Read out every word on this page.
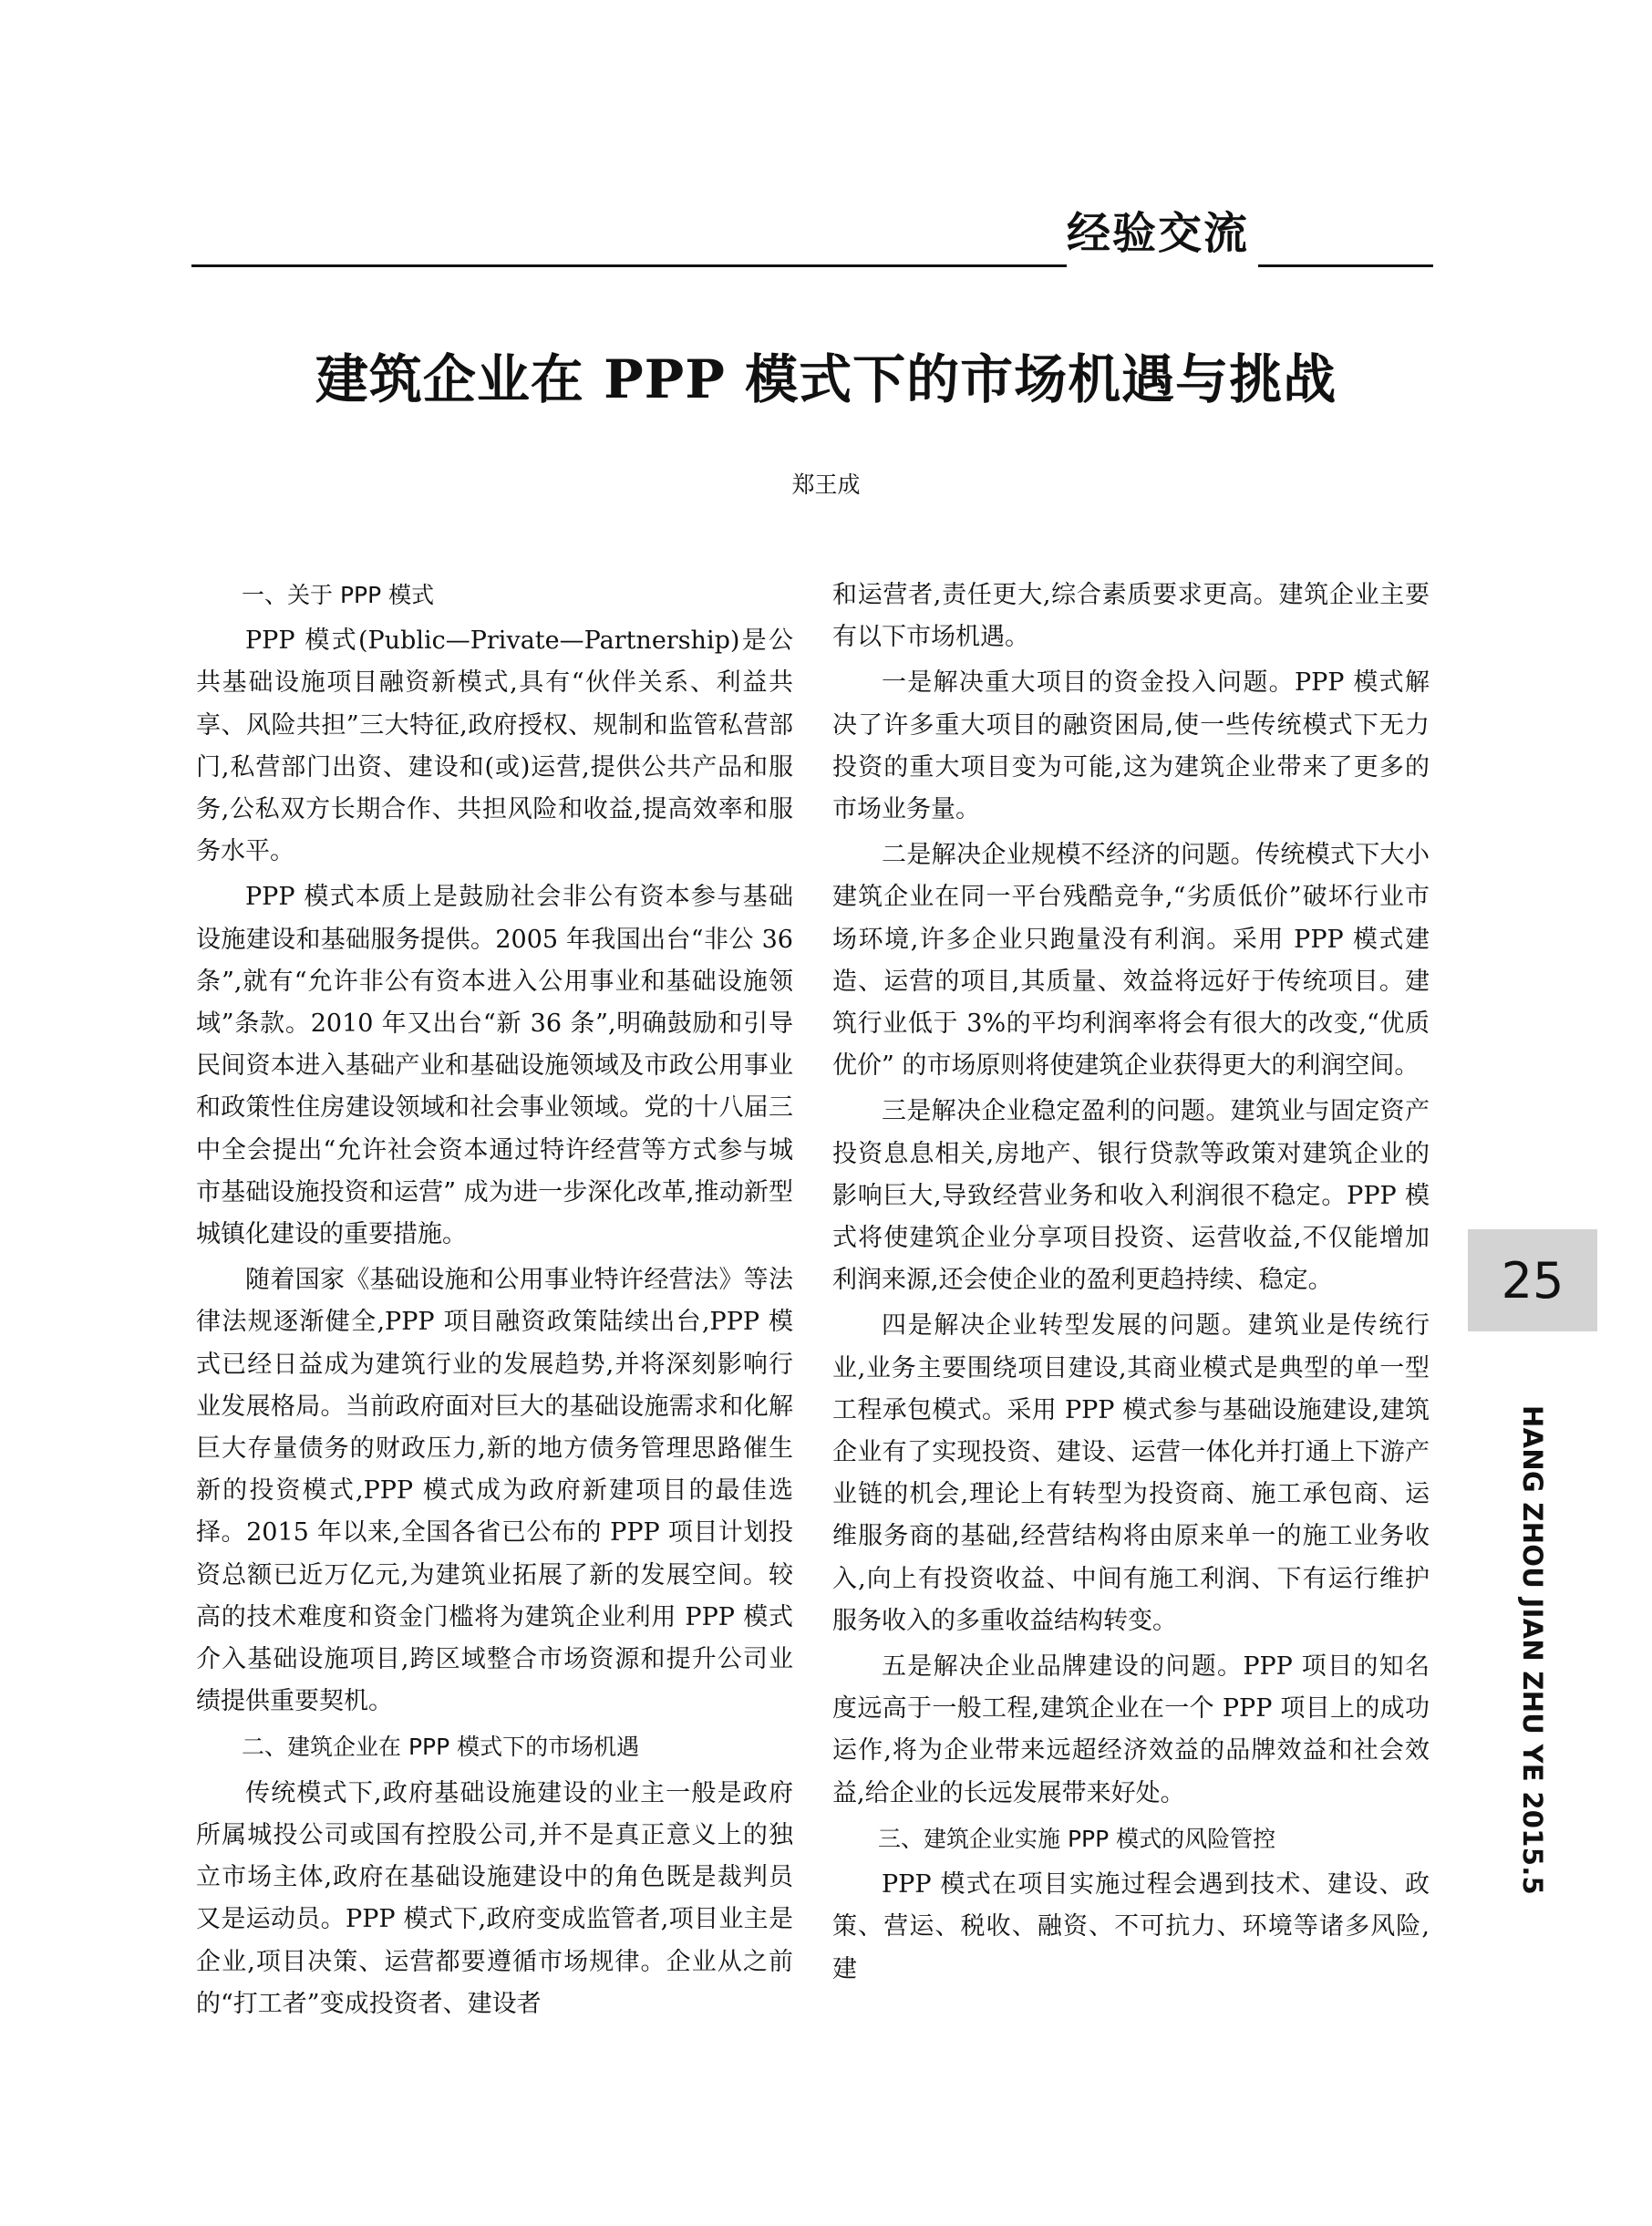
经验交流
建筑企业在 PPP 模式下的市场机遇与挑战
郑王成

一、关于 PPP 模式

PPP 模式(Public—Private—Partnership)是公共基础设施项目融资新模式,具有“伙伴关系、利益共享、风险共担”三大特征,政府授权、规制和监管私营部门,私营部门出资、建设和(或)运营,提供公共产品和服务,公私双方长期合作、共担风险和收益,提高效率和服务水平。

PPP 模式本质上是鼓励社会非公有资本参与基础设施建设和基础服务提供。2005 年我国出台“非公 36 条”,就有“允许非公有资本进入公用事业和基础设施领域”条款。2010 年又出台“新 36 条”,明确鼓励和引导民间资本进入基础产业和基础设施领域及市政公用事业和政策性住房建设领域和社会事业领域。党的十八届三中全会提出“允许社会资本通过特许经营等方式参与城市基础设施投资和运营” 成为进一步深化改革,推动新型城镇化建设的重要措施。

随着国家《基础设施和公用事业特许经营法》等法律法规逐渐健全,PPP 项目融资政策陆续出台,PPP 模式已经日益成为建筑行业的发展趋势,并将深刻影响行业发展格局。当前政府面对巨大的基础设施需求和化解巨大存量债务的财政压力,新的地方债务管理思路催生新的投资模式,PPP 模式成为政府新建项目的最佳选择。2015 年以来,全国各省已公布的 PPP 项目计划投资总额已近万亿元,为建筑业拓展了新的发展空间。较高的技术难度和资金门槛将为建筑企业利用 PPP 模式介入基础设施项目,跨区域整合市场资源和提升公司业绩提供重要契机。

二、建筑企业在 PPP 模式下的市场机遇

传统模式下,政府基础设施建设的业主一般是政府所属城投公司或国有控股公司,并不是真正意义上的独立市场主体,政府在基础设施建设中的角色既是裁判员又是运动员。PPP 模式下,政府变成监管者,项目业主是企业,项目决策、运营都要遵循市场规律。企业从之前的“打工者”变成投资者、建设者

和运营者,责任更大,综合素质要求更高。建筑企业主要有以下市场机遇。

一是解决重大项目的资金投入问题。PPP 模式解决了许多重大项目的融资困局,使一些传统模式下无力投资的重大项目变为可能,这为建筑企业带来了更多的市场业务量。

二是解决企业规模不经济的问题。传统模式下大小建筑企业在同一平台残酷竞争,“劣质低价”破坏行业市场环境,许多企业只跑量没有利润。采用 PPP 模式建造、运营的项目,其质量、效益将远好于传统项目。建筑行业低于 3%的平均利润率将会有很大的改变,“优质优价” 的市场原则将使建筑企业获得更大的利润空间。

三是解决企业稳定盈利的问题。建筑业与固定资产投资息息相关,房地产、银行贷款等政策对建筑企业的影响巨大,导致经营业务和收入利润很不稳定。PPP 模式将使建筑企业分享项目投资、运营收益,不仅能增加利润来源,还会使企业的盈利更趋持续、稳定。

四是解决企业转型发展的问题。建筑业是传统行业,业务主要围绕项目建设,其商业模式是典型的单一型工程承包模式。采用 PPP 模式参与基础设施建设,建筑企业有了实现投资、建设、运营一体化并打通上下游产业链的机会,理论上有转型为投资商、施工承包商、运维服务商的基础,经营结构将由原来单一的施工业务收入,向上有投资收益、中间有施工利润、下有运行维护服务收入的多重收益结构转变。

五是解决企业品牌建设的问题。PPP 项目的知名度远高于一般工程,建筑企业在一个 PPP 项目上的成功运作,将为企业带来远超经济效益的品牌效益和社会效益,给企业的长远发展带来好处。

三、建筑企业实施 PPP 模式的风险管控

PPP 模式在项目实施过程会遇到技术、建设、政策、营运、税收、融资、不可抗力、环境等诸多风险,建

25
HANG ZHOU JIAN ZHU YE 2015.5
